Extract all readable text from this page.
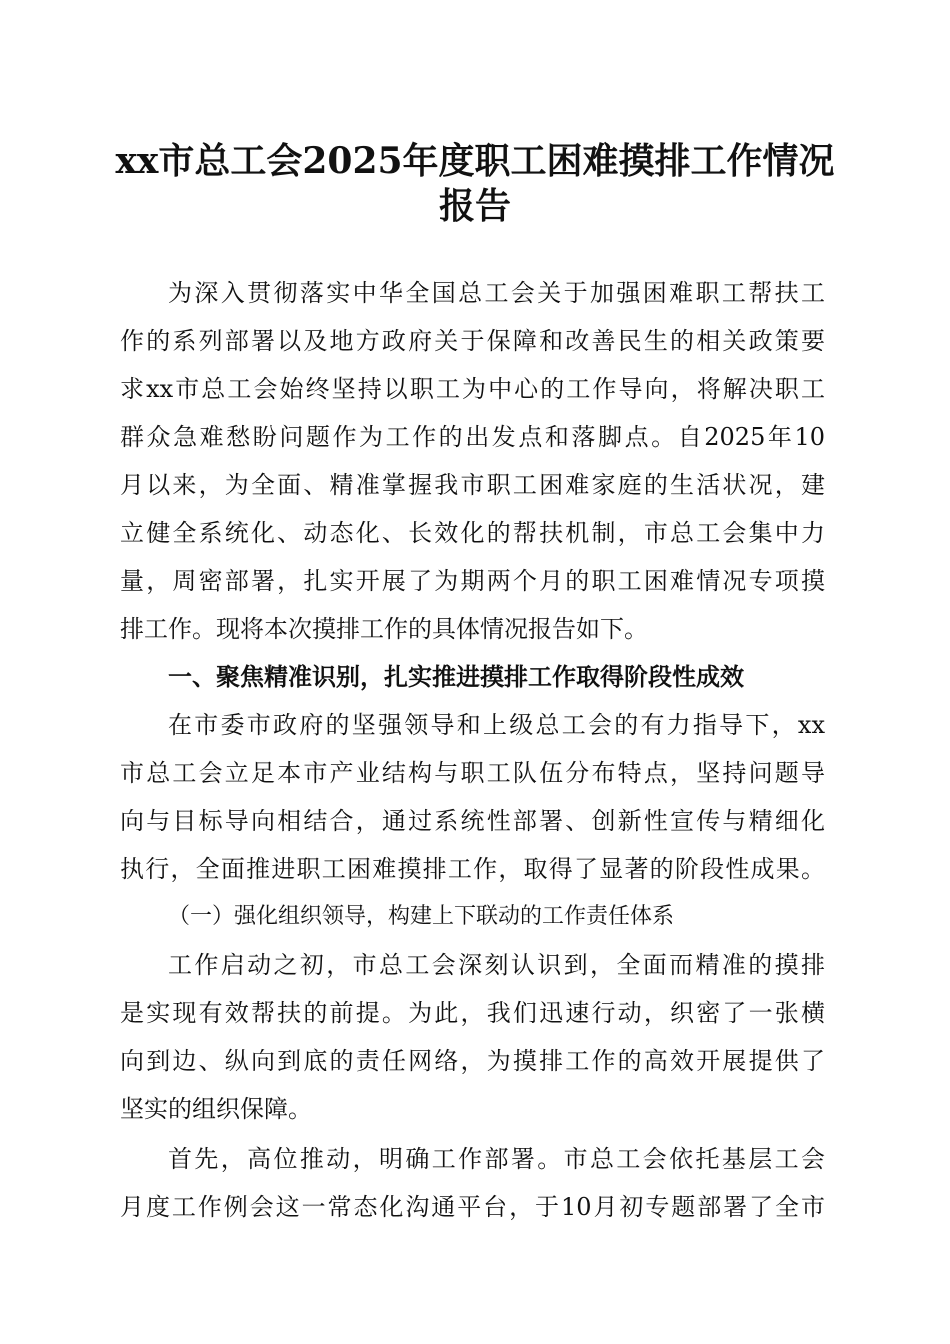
xx市总工会2025年度职工困难摸排工作情况
报告
为深入贯彻落实中华全国总工会关于加强困难职工帮扶工
作的系列部署以及地方政府关于保障和改善民生的相关政策要
求xx市总工会始终坚持以职工为中心的工作导向，将解决职工
群众急难愁盼问题作为工作的出发点和落脚点。自2025年10
月以来，为全面、精准掌握我市职工困难家庭的生活状况，建
立健全系统化、动态化、长效化的帮扶机制，市总工会集中力
量，周密部署，扎实开展了为期两个月的职工困难情况专项摸
排工作。现将本次摸排工作的具体情况报告如下。
一、聚焦精准识别，扎实推进摸排工作取得阶段性成效
在市委市政府的坚强领导和上级总工会的有力指导下，xx
市总工会立足本市产业结构与职工队伍分布特点，坚持问题导
向与目标导向相结合，通过系统性部署、创新性宣传与精细化
执行，全面推进职工困难摸排工作，取得了显著的阶段性成果。
（一）强化组织领导，构建上下联动的工作责任体系
工作启动之初，市总工会深刻认识到，全面而精准的摸排
是实现有效帮扶的前提。为此，我们迅速行动，织密了一张横
向到边、纵向到底的责任网络，为摸排工作的高效开展提供了
坚实的组织保障。
首先，高位推动，明确工作部署。市总工会依托基层工会
月度工作例会这一常态化沟通平台，于10月初专题部署了全市
